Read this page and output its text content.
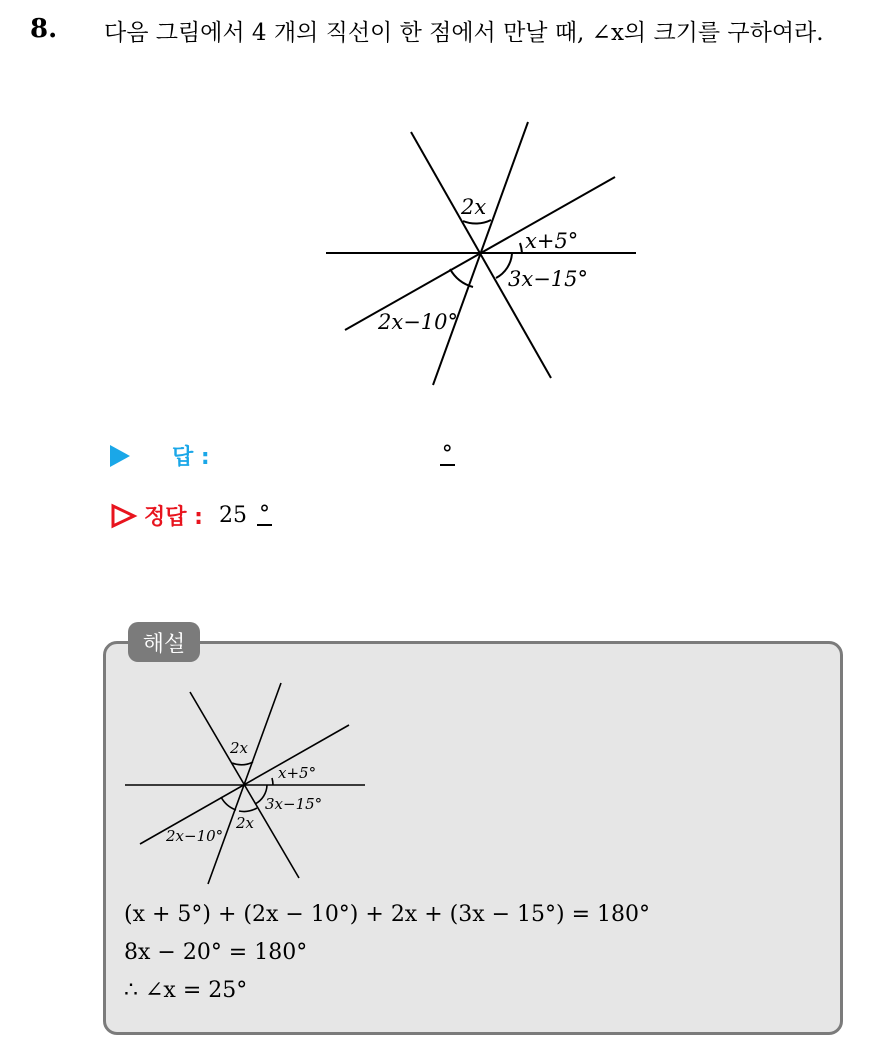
8. 다음 그림에서 4 개의 직선이 한 점에서 만날 때, ∠x의 크기를 구하여라.
2x
x+5°
3x−15°
2x−10°
답 :	°
정답 : 25 °
해설
2x
x+5°
3x−15°
2x−10°
2x
(x + 5°) + (2x − 10°) + 2x + (3x − 15°) = 180°
8x − 20° = 180°
∴ ∠x = 25°
